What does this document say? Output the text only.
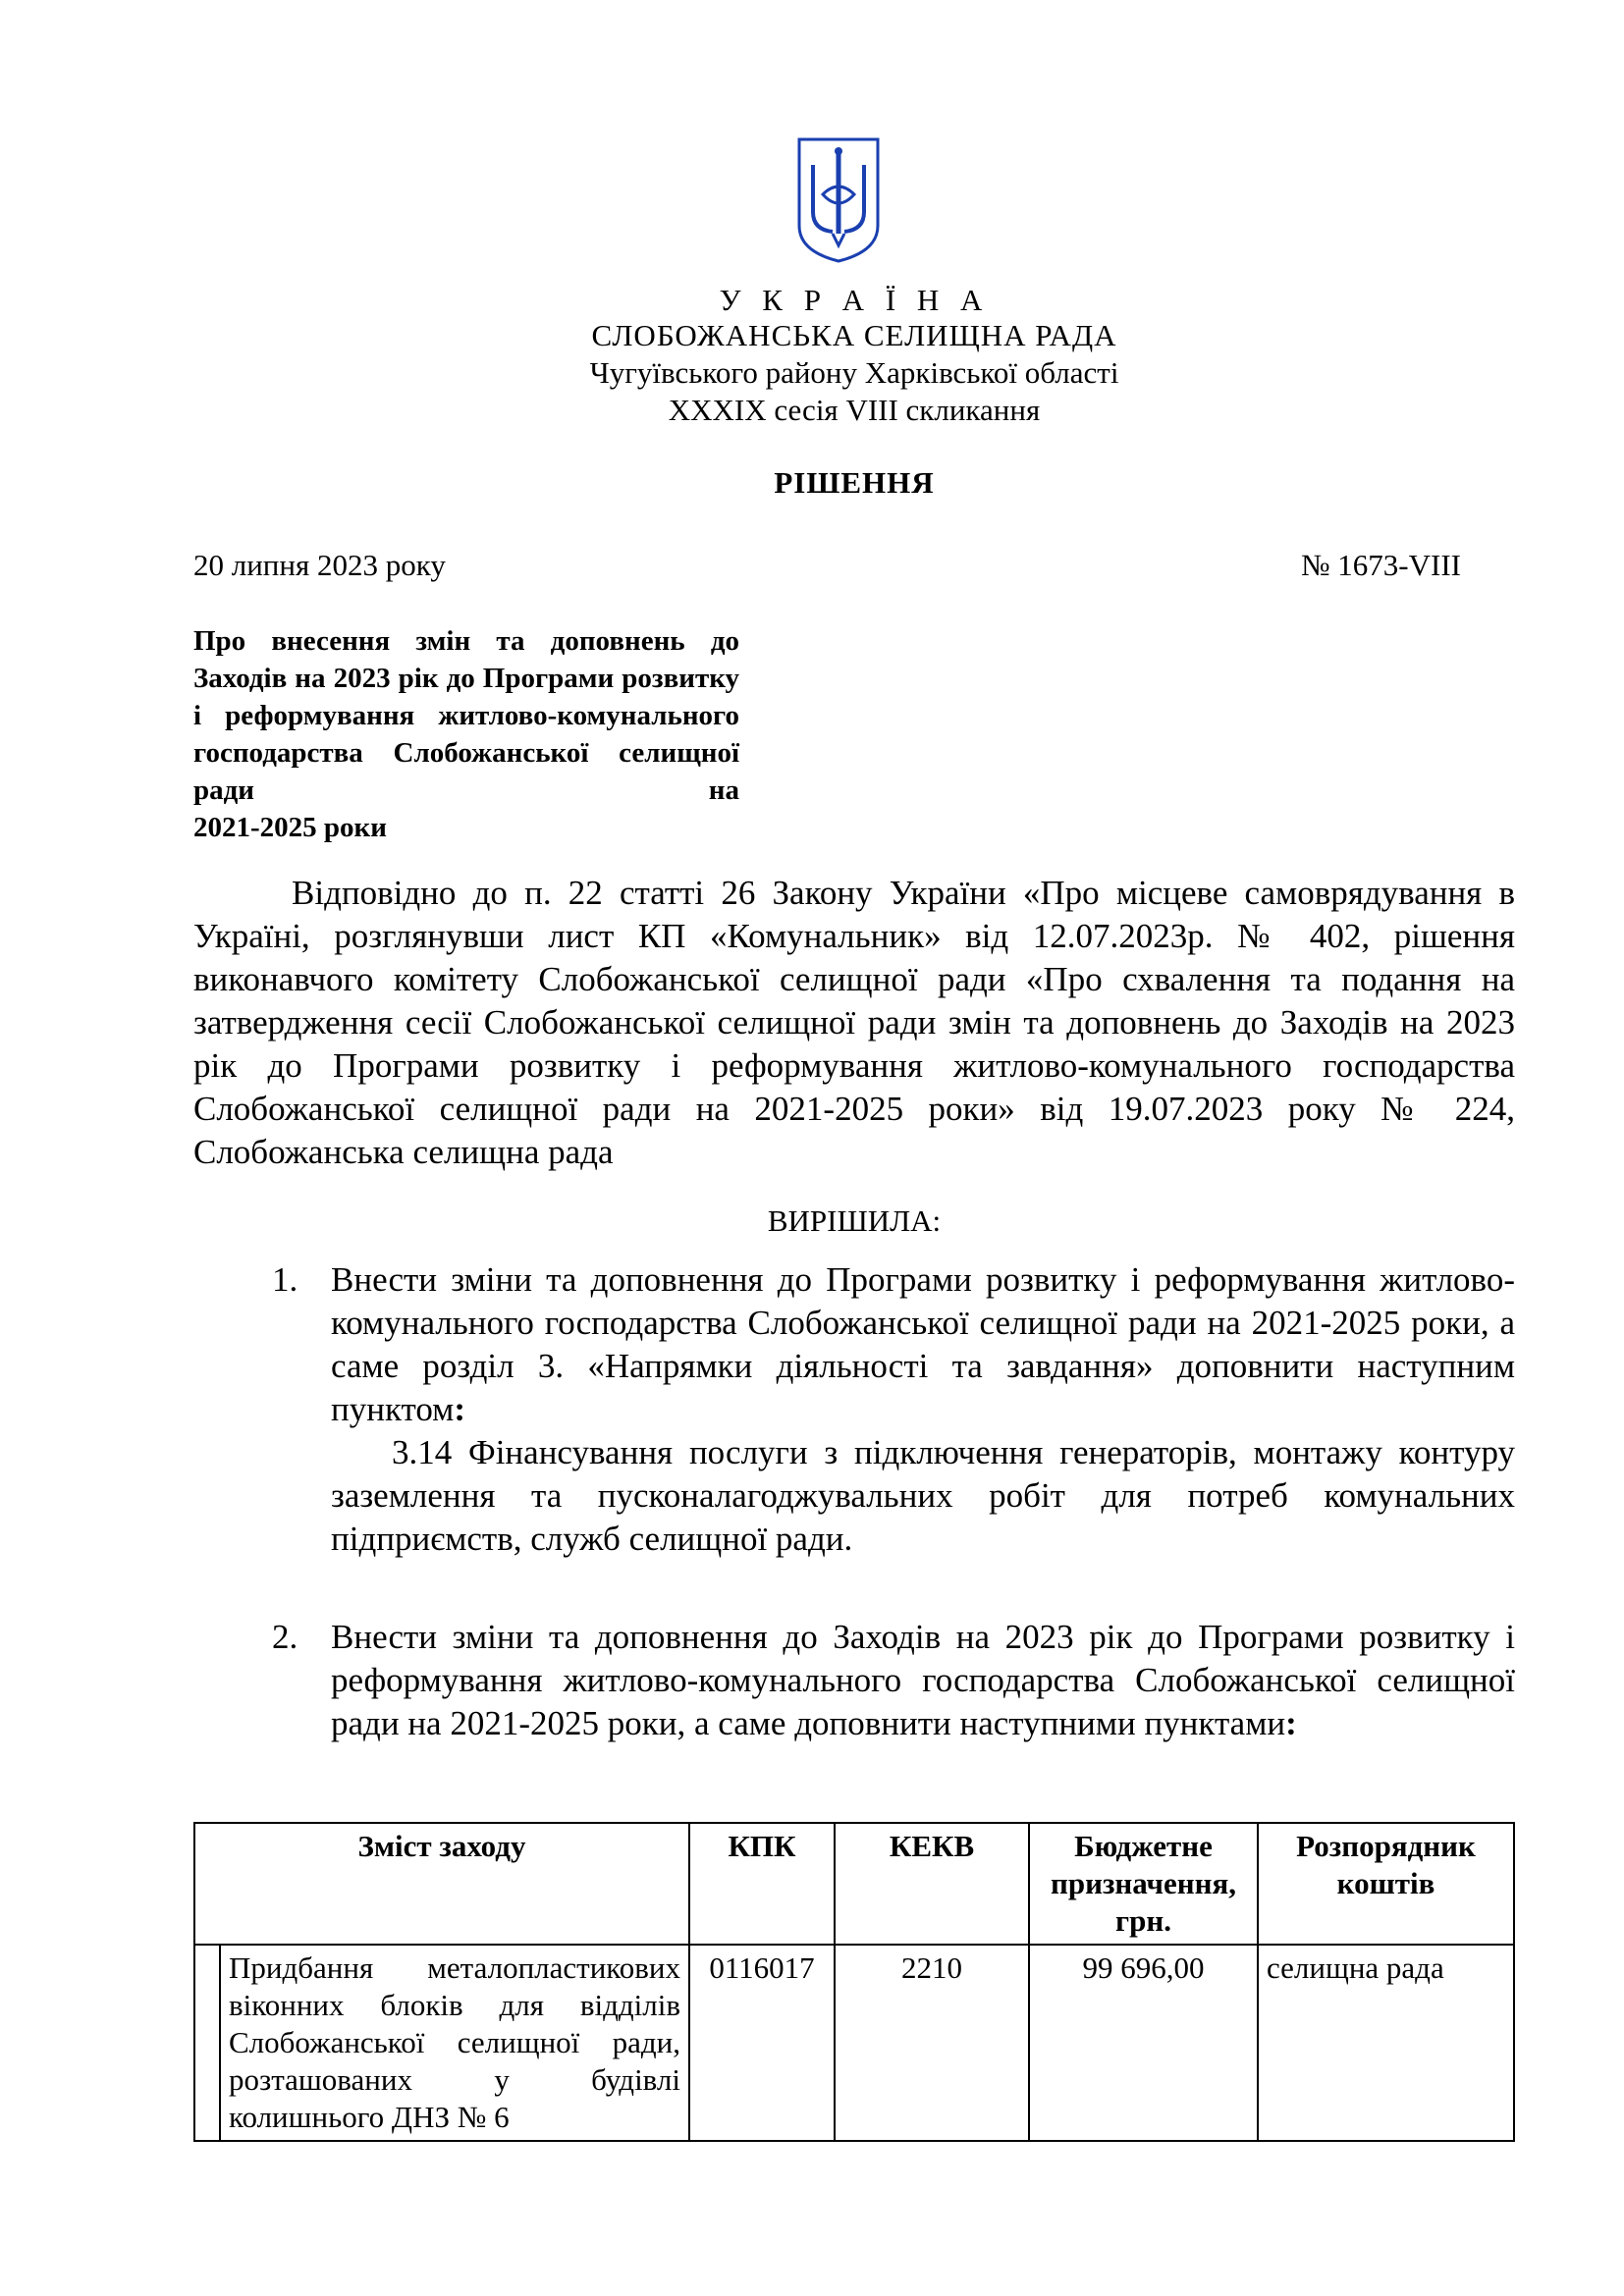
У К Р А Ї Н А
СЛОБОЖАНСЬКА СЕЛИЩНА РАДА
Чугуївського району Харківської області
XXXIX сесія VIII скликання
РІШЕННЯ
20 липня 2023 року	№ 1673-VIII
Про внесення змін та доповнень до Заходів на 2023 рік до Програми розвитку і реформування житлово-комунального господарства Слобожанської селищної ради на
2021-2025 роки
Відповідно до п. 22 статті 26 Закону України «Про місцеве самоврядування в Україні, розглянувши лист КП «Комунальник» від 12.07.2023р. № 402, рішення виконавчого комітету Слобожанської селищної ради «Про схвалення та подання на затвердження сесії Слобожанської селищної ради змін та доповнень до Заходів на 2023 рік до Програми розвитку і реформування житлово-комунального господарства Слобожанської селищної ради на 2021-2025 роки» від 19.07.2023 року № 224, Слобожанська селищна рада
ВИРІШИЛА:
1. Внести зміни та доповнення до Програми розвитку і реформування житлово-комунального господарства Слобожанської селищної ради на 2021-2025 роки, а саме розділ 3. «Напрямки діяльності та завдання» доповнити наступним пунктом:
3.14 Фінансування послуги з підключення генераторів, монтажу контуру заземлення та пусконалагоджувальних робіт для потреб комунальних підприємств, служб селищної ради.
2. Внести зміни та доповнення до Заходів на 2023 рік до Програми розвитку і реформування житлово-комунального господарства Слобожанської селищної ради на 2021-2025 роки, а саме доповнити наступними пунктами:
Зміст заходу		КПК	КЕКВ	Бюджетне призначення, грн.	Розпорядник коштів
	Придбання металопластикових віконних блоків для відділів Слобожанської селищної ради, розташованих у будівлі колишнього ДНЗ № 6	0116017	2210	99 696,00	селищна рада
